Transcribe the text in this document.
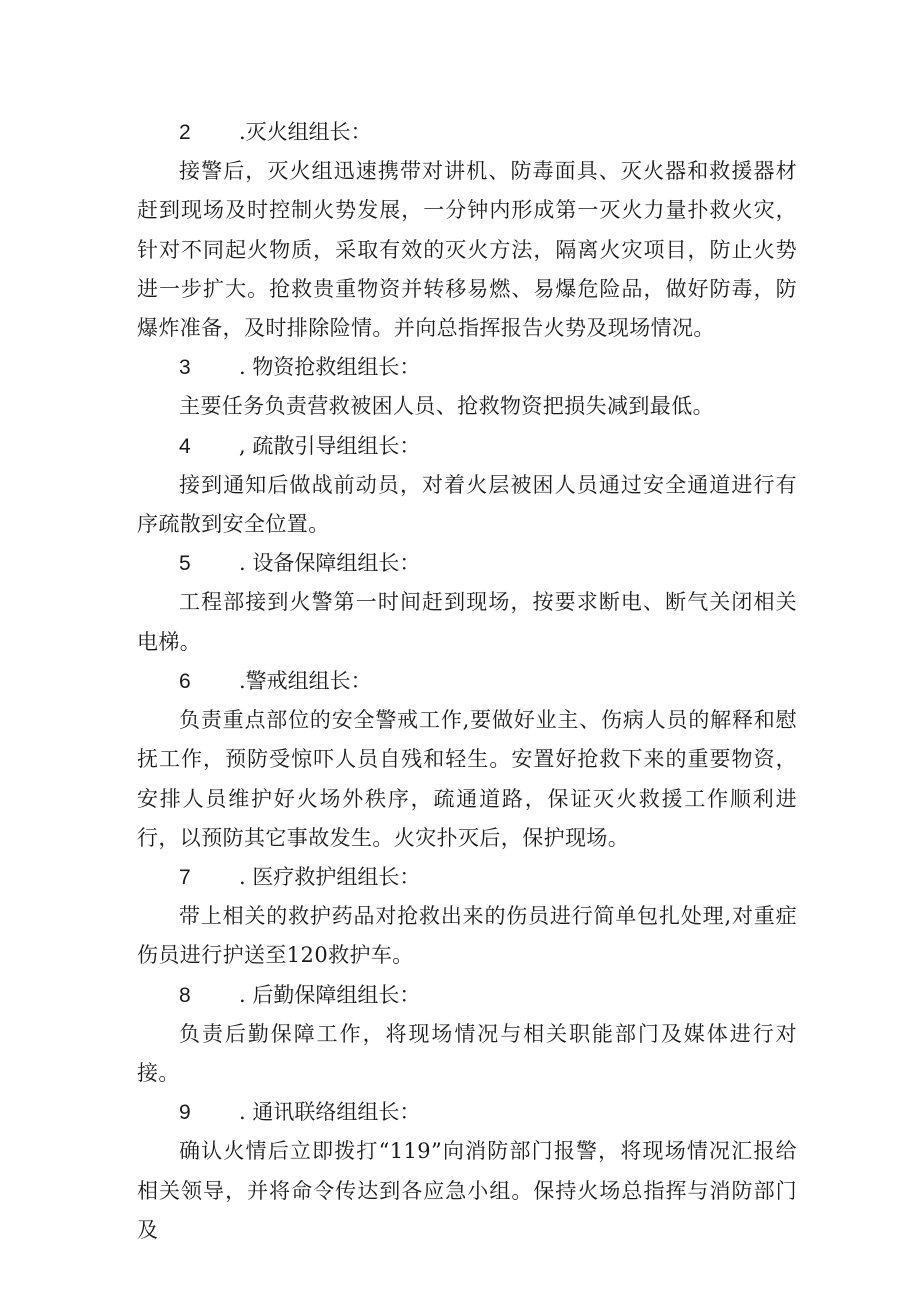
2 .灭火组组长：

接警后，灭火组迅速携带对讲机、防毒面具、灭火器和救援器材赶到现场及时控制火势发展，一分钟内形成第一灭火力量扑救火灾，针对不同起火物质，采取有效的灭火方法，隔离火灾项目，防止火势进一步扩大。抢救贵重物资并转移易燃、易爆危险品，做好防毒，防爆炸准备，及时排除险情。并向总指挥报告火势及现场情况。

3 . 物资抢救组组长：

主要任务负责营救被困人员、抢救物资把损失减到最低。

4 , 疏散引导组组长：

接到通知后做战前动员，对着火层被困人员通过安全通道进行有序疏散到安全位置。

5 . 设备保障组组长：

工程部接到火警第一时间赶到现场，按要求断电、断气关闭相关电梯。

6 .警戒组组长：

负责重点部位的安全警戒工作,要做好业主、伤病人员的解释和慰抚工作，预防受惊吓人员自残和轻生。安置好抢救下来的重要物资，安排人员维护好火场外秩序，疏通道路，保证灭火救援工作顺利进行，以预防其它事故发生。火灾扑灭后，保护现场。

7 . 医疗救护组组长：

带上相关的救护药品对抢救出来的伤员进行简单包扎处理,对重症伤员进行护送至120救护车。

8 . 后勤保障组组长：

负责后勤保障工作，将现场情况与相关职能部门及媒体进行对接。

9 . 通讯联络组组长：

确认火情后立即拨打“119”向消防部门报警，将现场情况汇报给相关领导，并将命令传达到各应急小组。保持火场总指挥与消防部门及
